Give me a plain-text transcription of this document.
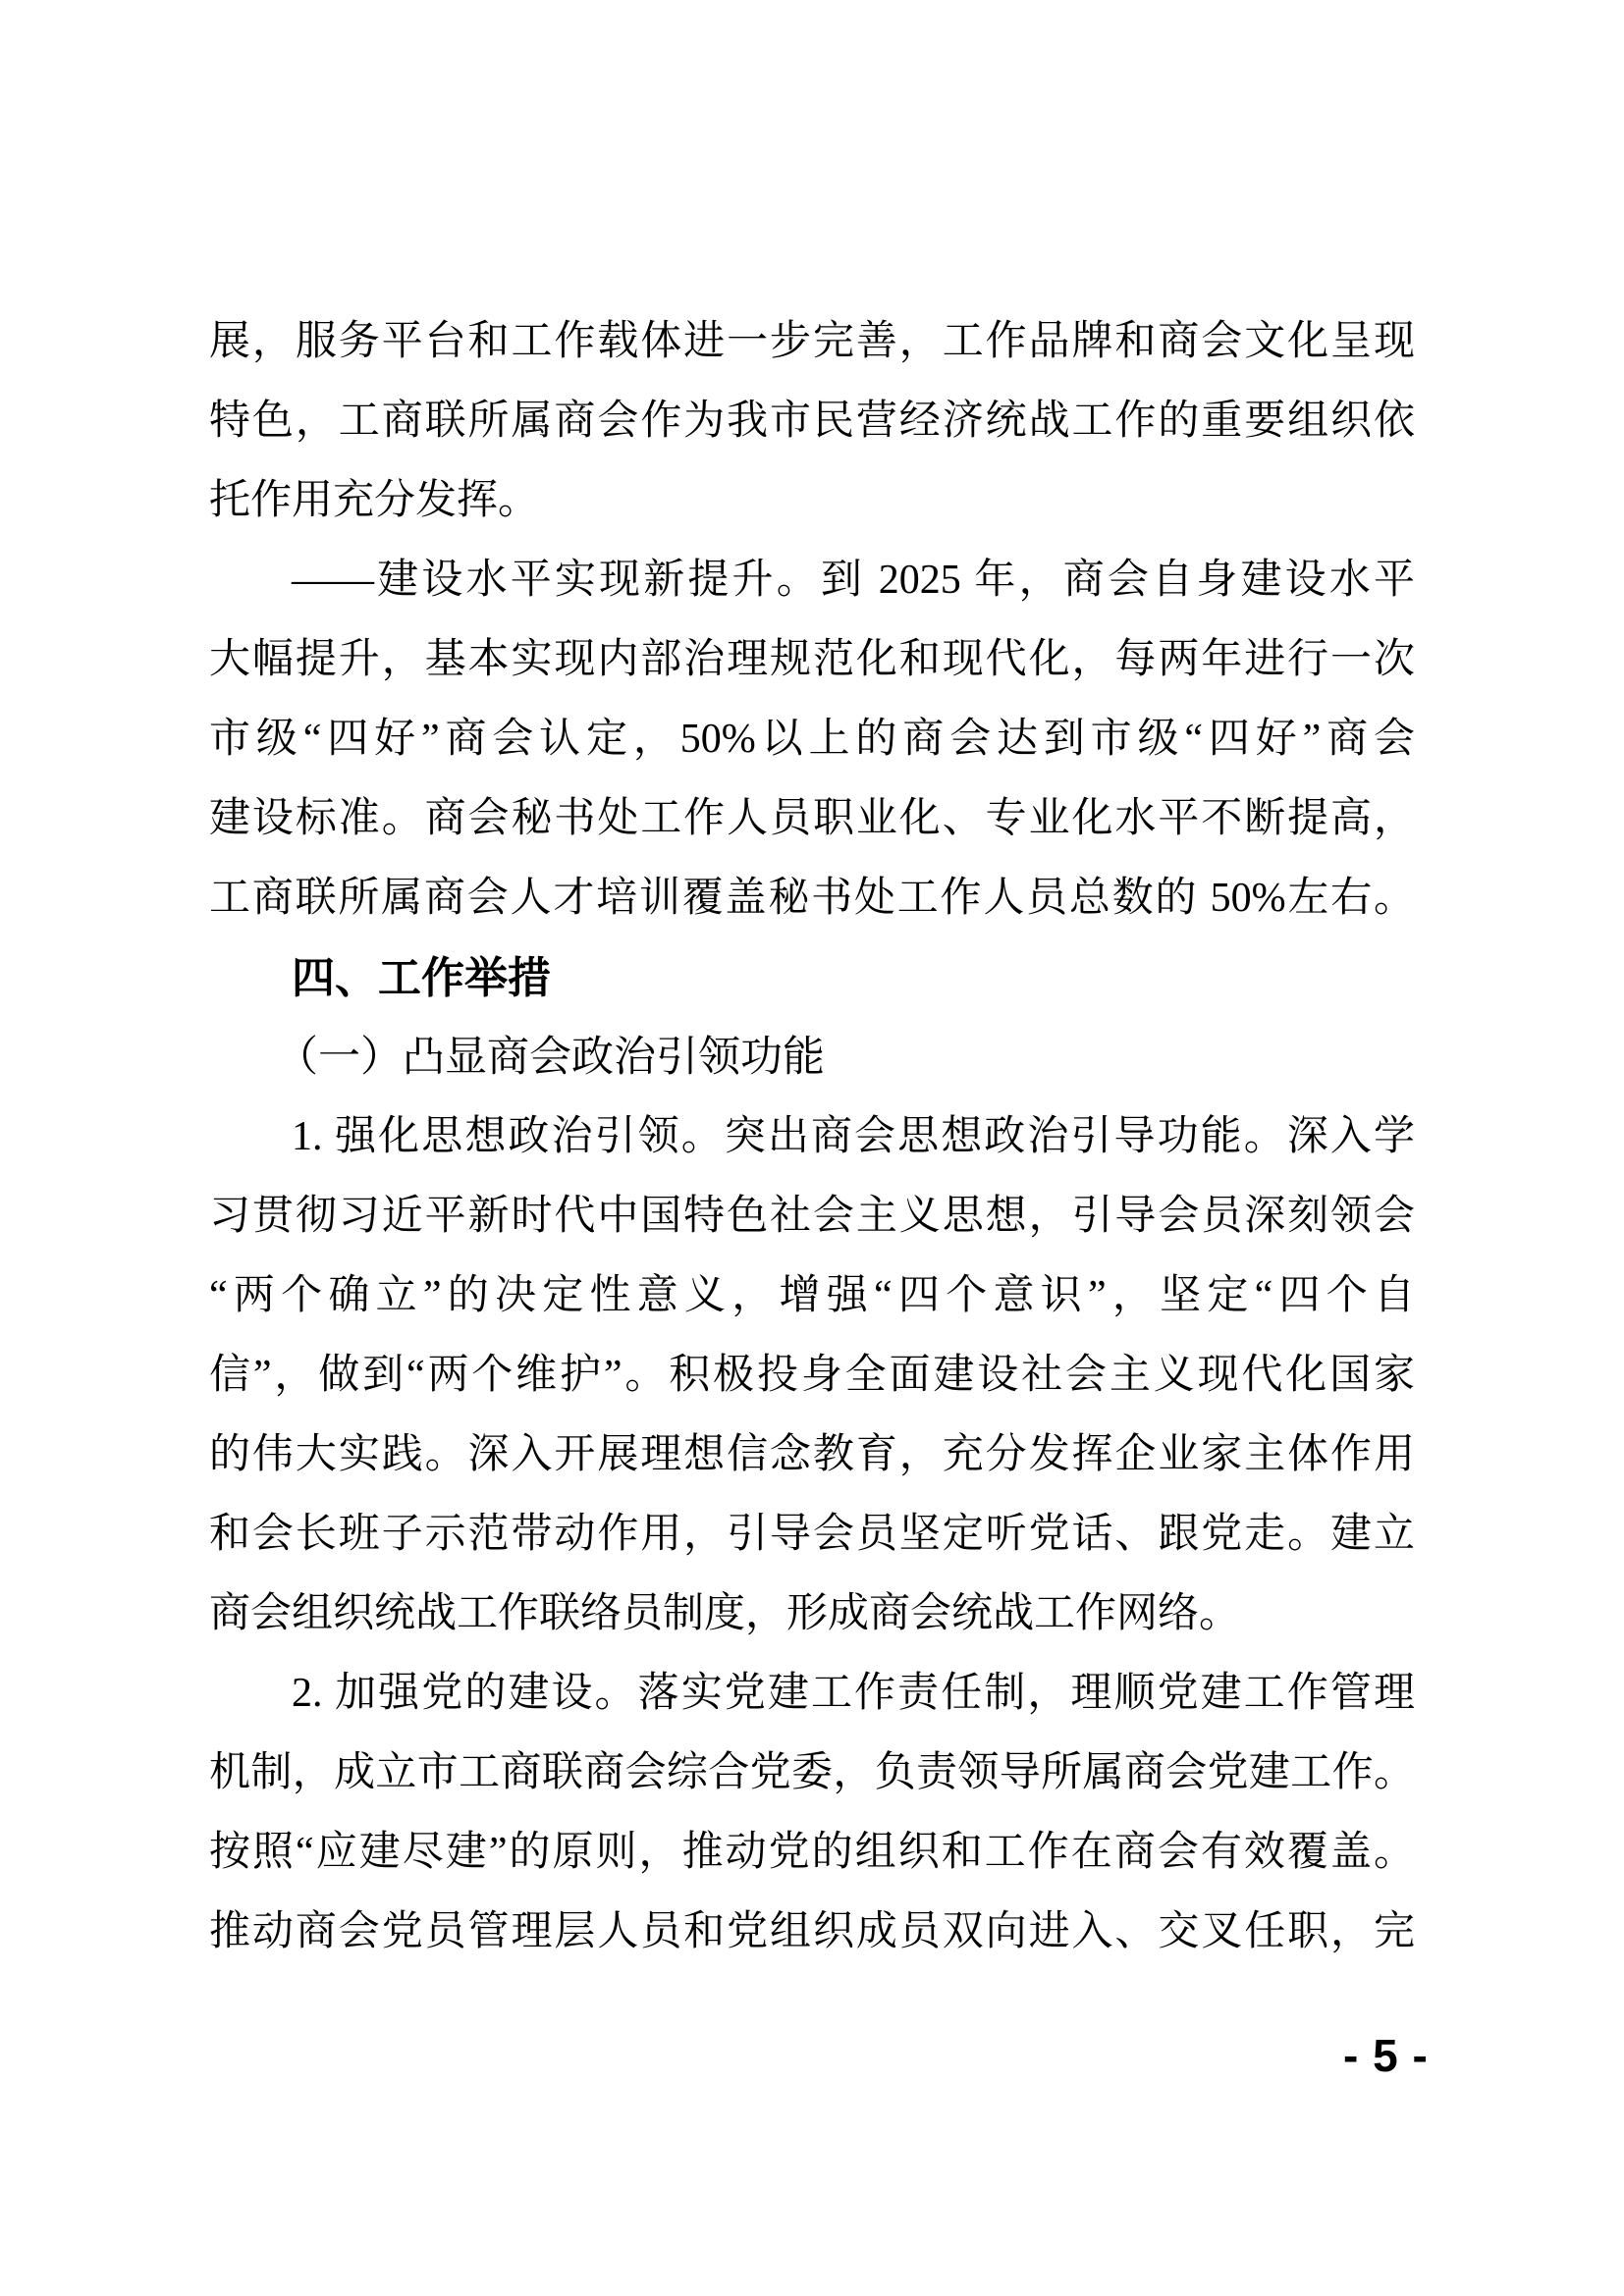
展，服务平台和工作载体进一步完善，工作品牌和商会文化呈现
特色，工商联所属商会作为我市民营经济统战工作的重要组织依
托作用充分发挥。
——建设水平实现新提升。到 2025 年，商会自身建设水平
大幅提升，基本实现内部治理规范化和现代化，每两年进行一次
市级“四好”商会认定，50%以上的商会达到市级“四好”商会
建设标准。商会秘书处工作人员职业化、专业化水平不断提高，
工商联所属商会人才培训覆盖秘书处工作人员总数的 50%左右。
四、工作举措
（一）凸显商会政治引领功能
1. 强化思想政治引领。突出商会思想政治引导功能。深入学
习贯彻习近平新时代中国特色社会主义思想，引导会员深刻领会
“两个确立”的决定性意义，增强“四个意识”，坚定“四个自
信”，做到“两个维护”。积极投身全面建设社会主义现代化国家
的伟大实践。深入开展理想信念教育，充分发挥企业家主体作用
和会长班子示范带动作用，引导会员坚定听党话、跟党走。建立
商会组织统战工作联络员制度，形成商会统战工作网络。
2. 加强党的建设。落实党建工作责任制，理顺党建工作管理
机制，成立市工商联商会综合党委，负责领导所属商会党建工作。
按照“应建尽建”的原则，推动党的组织和工作在商会有效覆盖。
推动商会党员管理层人员和党组织成员双向进入、交叉任职，完
- 5 -
